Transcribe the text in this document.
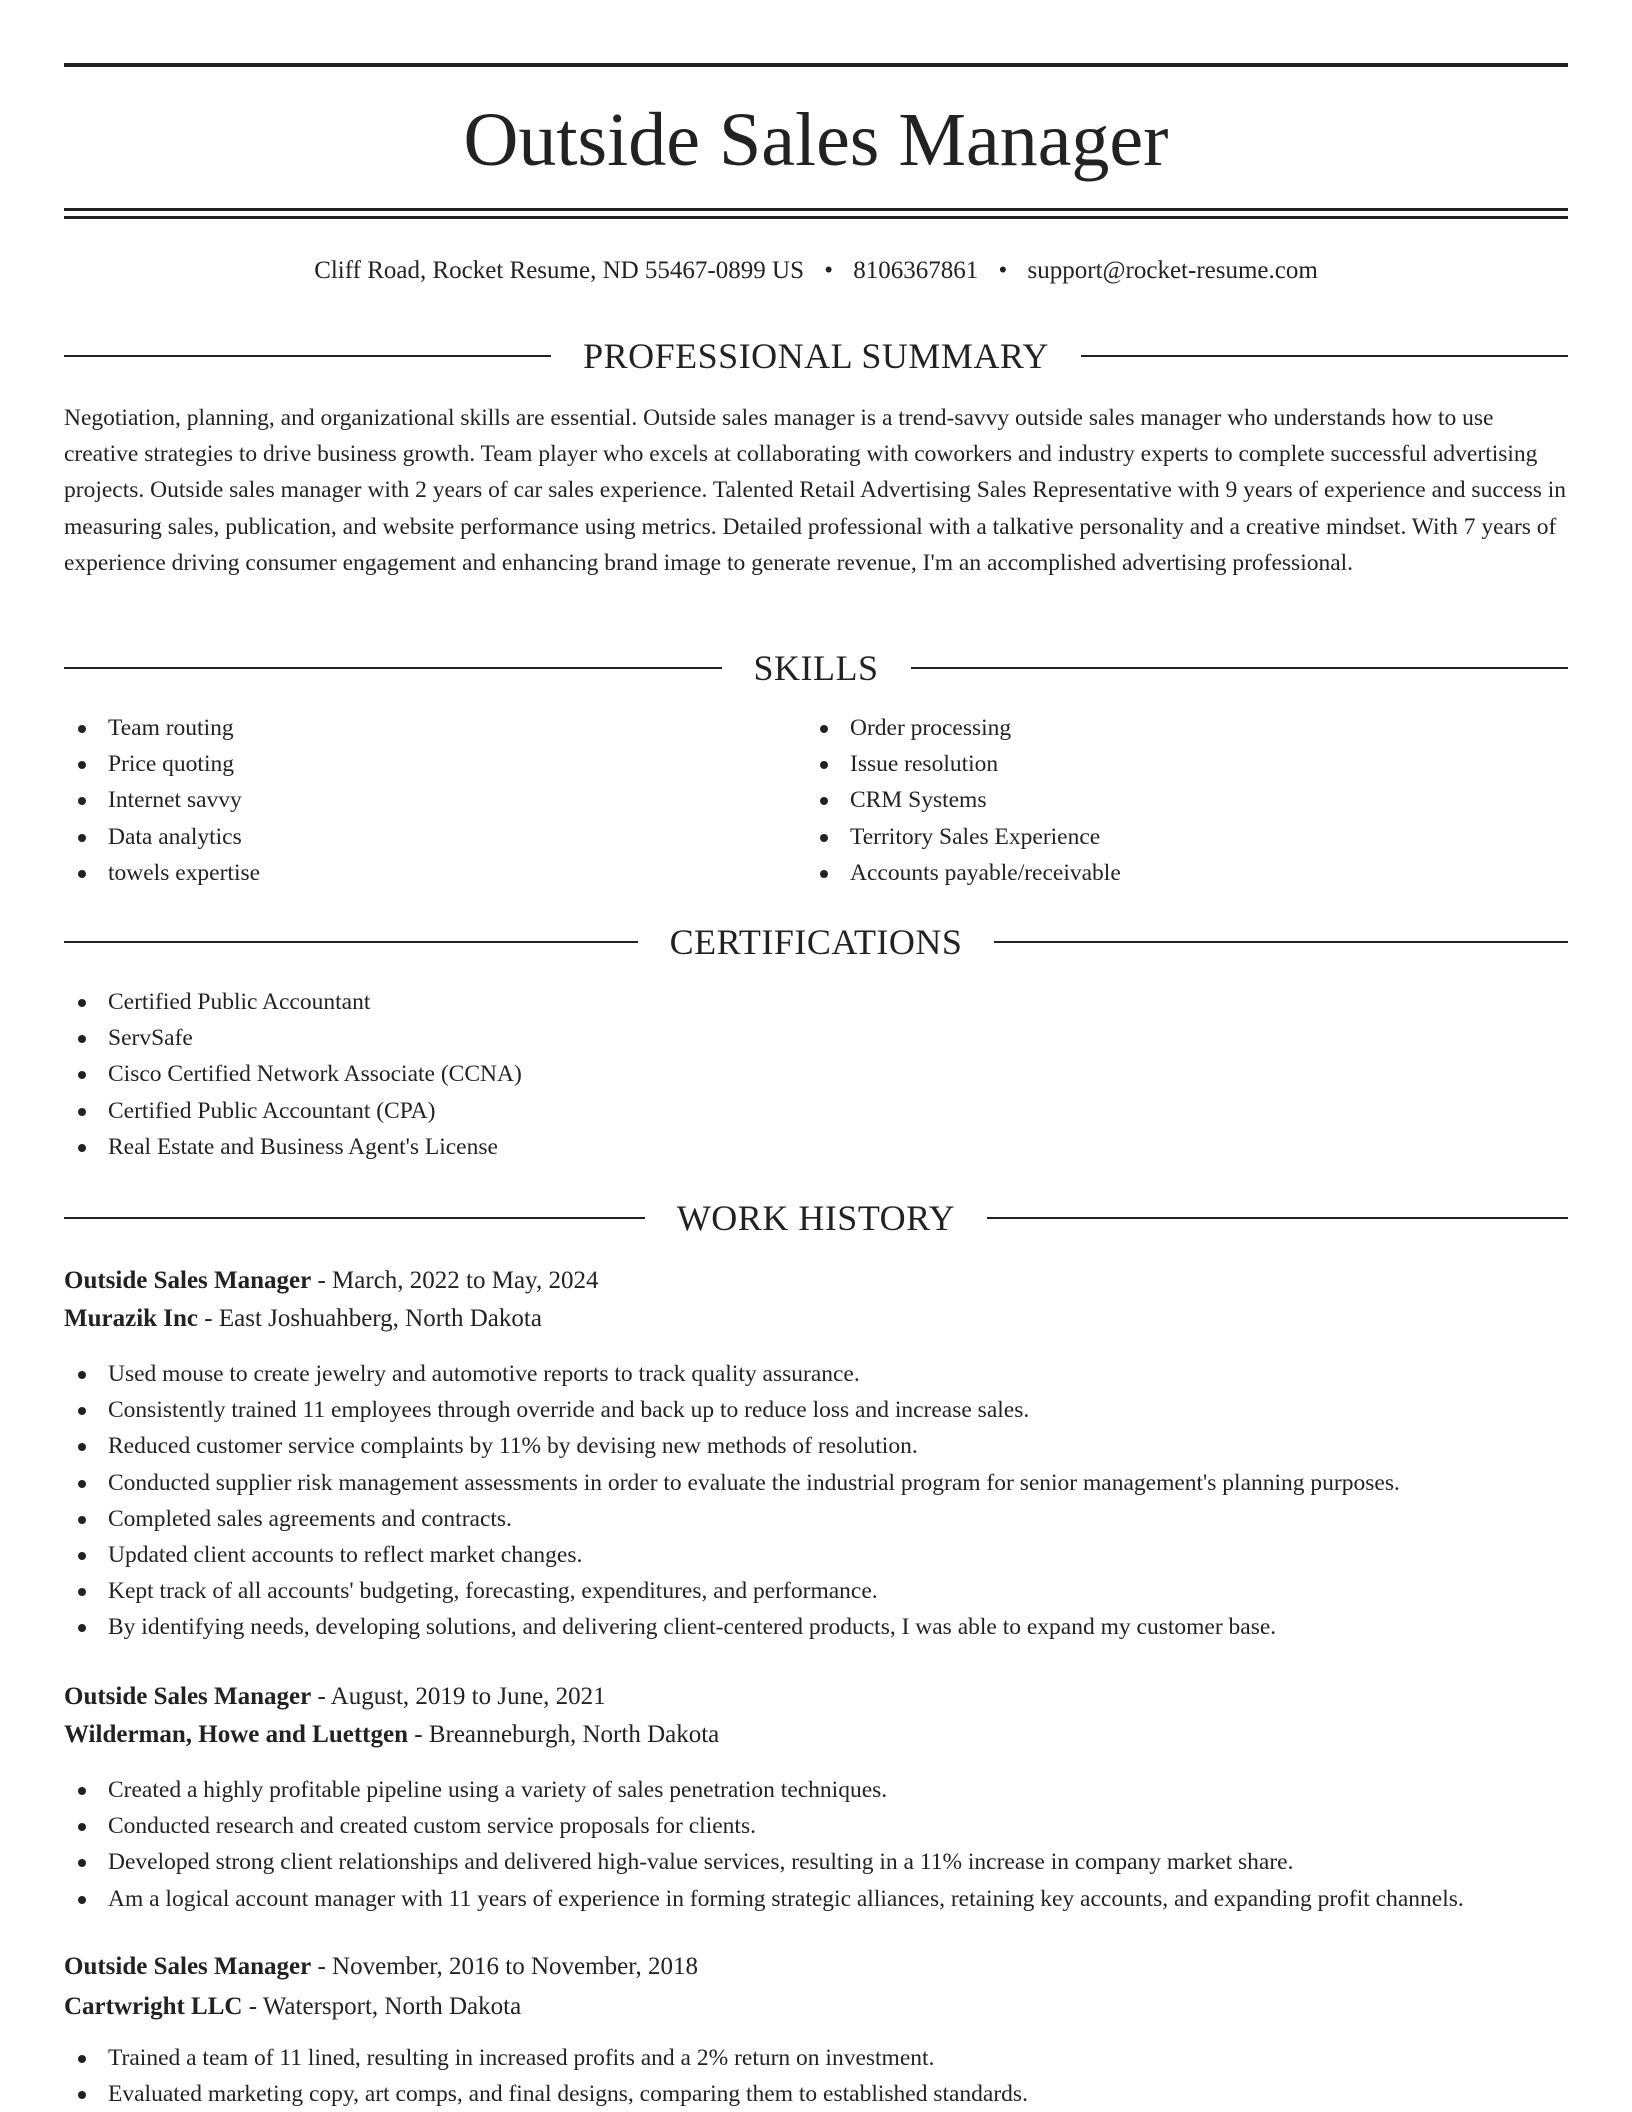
Outside Sales Manager
Cliff Road, Rocket Resume, ND 55467-0899 US • 8106367861 • support@rocket-resume.com
PROFESSIONAL SUMMARY

Negotiation, planning, and organizational skills are essential. Outside sales manager is a trend-savvy outside sales manager who understands how to use creative strategies to drive business growth. Team player who excels at collaborating with coworkers and industry experts to complete successful advertising projects. Outside sales manager with 2 years of car sales experience. Talented Retail Advertising Sales Representative with 9 years of experience and success in measuring sales, publication, and website performance using metrics. Detailed professional with a talkative personality and a creative mindset. With 7 years of experience driving consumer engagement and enhancing brand image to generate revenue, I'm an accomplished advertising professional.

SKILLS
Team routing
Price quoting
Internet savvy
Data analytics
towels expertise
Order processing
Issue resolution
CRM Systems
Territory Sales Experience
Accounts payable/receivable
CERTIFICATIONS
Certified Public Accountant
ServSafe
Cisco Certified Network Associate (CCNA)
Certified Public Accountant (CPA)
Real Estate and Business Agent's License
WORK HISTORY
Outside Sales Manager - March, 2022 to May, 2024
Murazik Inc - East Joshuahberg, North Dakota
Used mouse to create jewelry and automotive reports to track quality assurance.
Consistently trained 11 employees through override and back up to reduce loss and increase sales.
Reduced customer service complaints by 11% by devising new methods of resolution.
Conducted supplier risk management assessments in order to evaluate the industrial program for senior management's planning purposes.
Completed sales agreements and contracts.
Updated client accounts to reflect market changes.
Kept track of all accounts' budgeting, forecasting, expenditures, and performance.
By identifying needs, developing solutions, and delivering client-centered products, I was able to expand my customer base.
Outside Sales Manager - August, 2019 to June, 2021
Wilderman, Howe and Luettgen - Breanneburgh, North Dakota
Created a highly profitable pipeline using a variety of sales penetration techniques.
Conducted research and created custom service proposals for clients.
Developed strong client relationships and delivered high-value services, resulting in a 11% increase in company market share.
Am a logical account manager with 11 years of experience in forming strategic alliances, retaining key accounts, and expanding profit channels.
Outside Sales Manager - November, 2016 to November, 2018
Cartwright LLC - Watersport, North Dakota
Trained a team of 11 lined, resulting in increased profits and a 2% return on investment.
Evaluated marketing copy, art comps, and final designs, comparing them to established standards.
